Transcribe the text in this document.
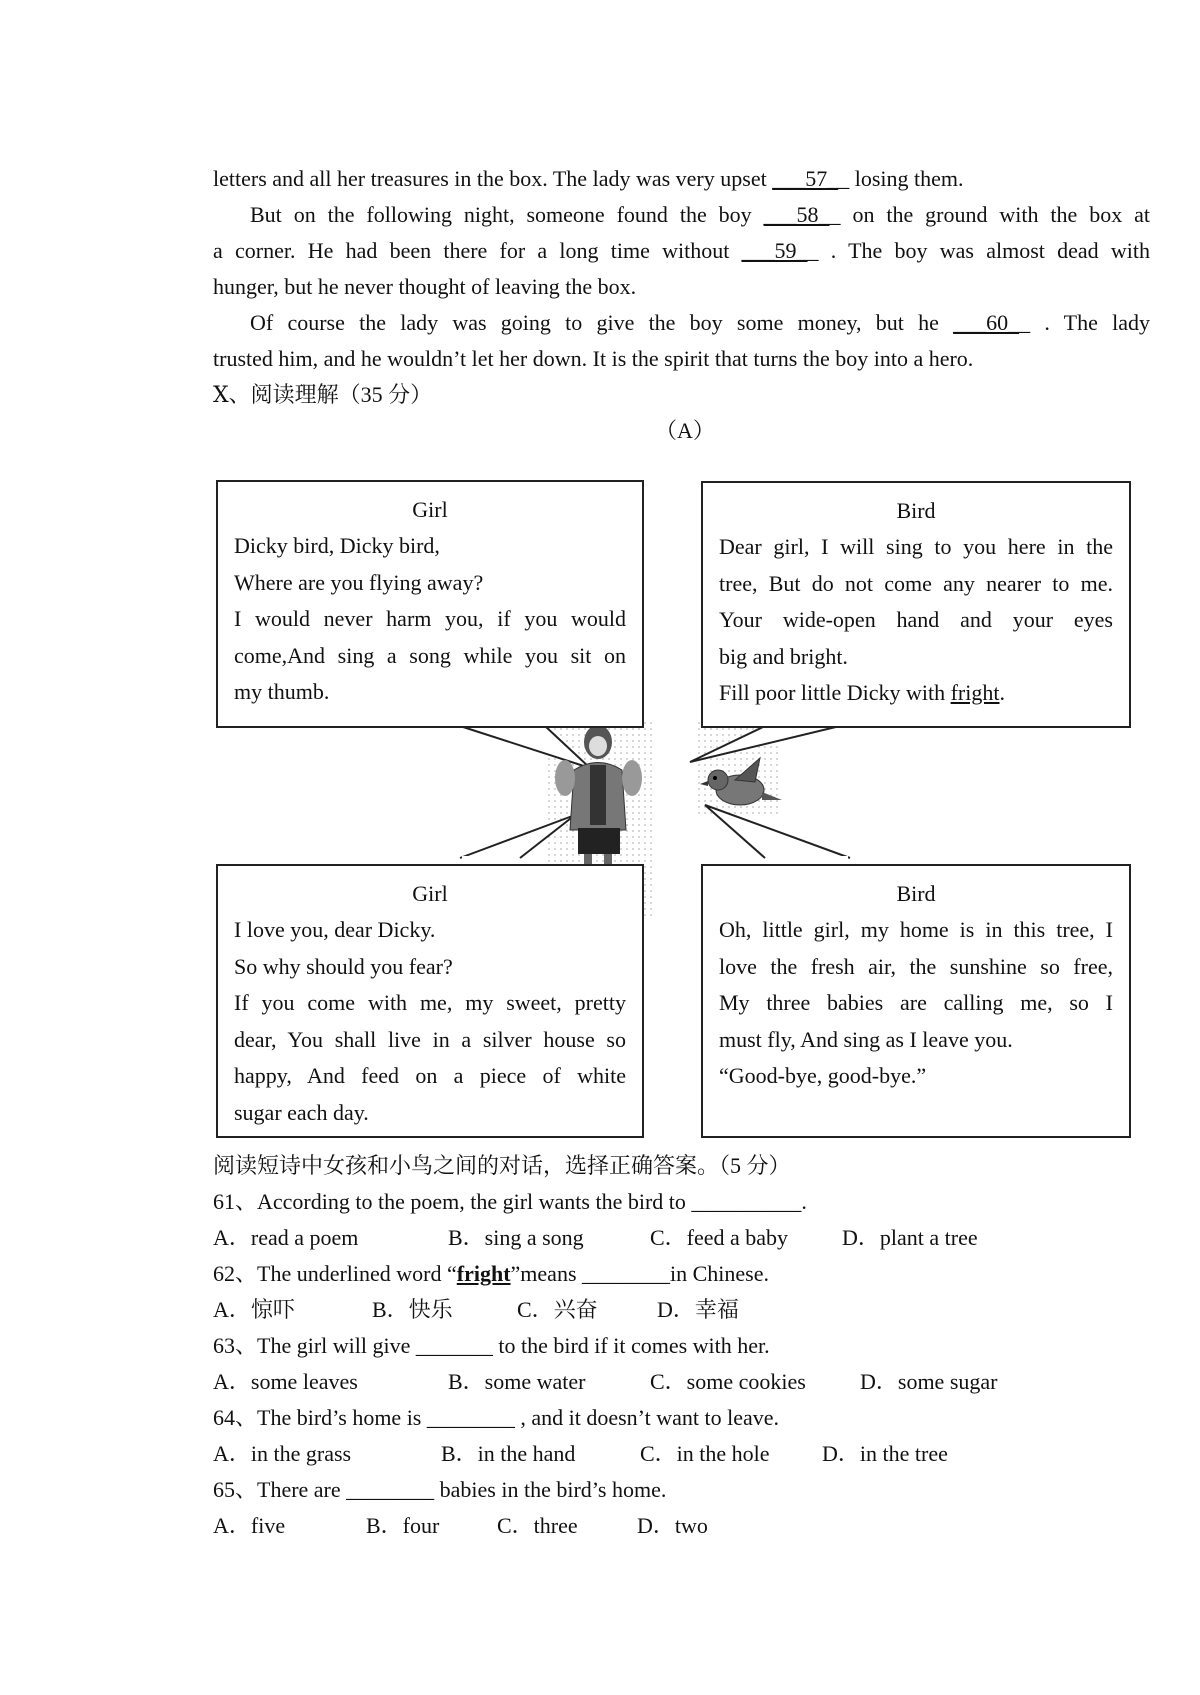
letters and all her treasures in the box. The lady was very upset ___57__ losing them.
But on the following night, someone found the boy ___58__ on the ground with the box at
a corner. He had been there for a long time without ___59__ . The boy was almost dead with
hunger, but he never thought of leaving the box.
Of course the lady was going to give the boy some money, but he ___60__ . The lady
trusted him, and he wouldn’t let her down. It is the spirit that turns the boy into a hero.
Ⅹ、阅读理解（35 分）
（A）
Girl
Dicky bird, Dicky bird,
Where are you flying away?
I would never harm you, if you would
come,And sing a song while you sit on
my thumb.
Bird
Dear girl, I will sing to you here in the
tree, But do not come any nearer to me.
Your wide-open hand and your eyes
big and bright.
Fill poor little Dicky with fright.
Girl
I love you, dear Dicky.
So why should you fear?
If you come with me, my sweet, pretty
dear, You shall live in a silver house so
happy, And feed on a piece of white
sugar each day.
Bird
Oh, little girl, my home is in this tree, I
love the fresh air, the sunshine so free,
My three babies are calling me, so I
must fly, And sing as I leave you.
“Good-bye, good-bye.”
阅读短诗中女孩和小鸟之间的对话，选择正确答案。（5 分）
61、According to the poem, the girl wants the bird to __________.
A．read a poem	B．sing a song	C．feed a baby D．plant a tree
62、The underlined word “fright”means ________in Chinese.
A．惊吓	B．快乐	C．兴奋	D．幸福
63、The girl will give _______ to the bird if it comes with her.
A．some leaves	B．some water	C．some cookies D．some sugar
64、The bird’s home is ________ , and it doesn’t want to leave.
A．in the grass	B．in the hand	C．in the hole D．in the tree
65、There are ________ babies in the bird’s home.
A．five	B．four	C．three	D．two
